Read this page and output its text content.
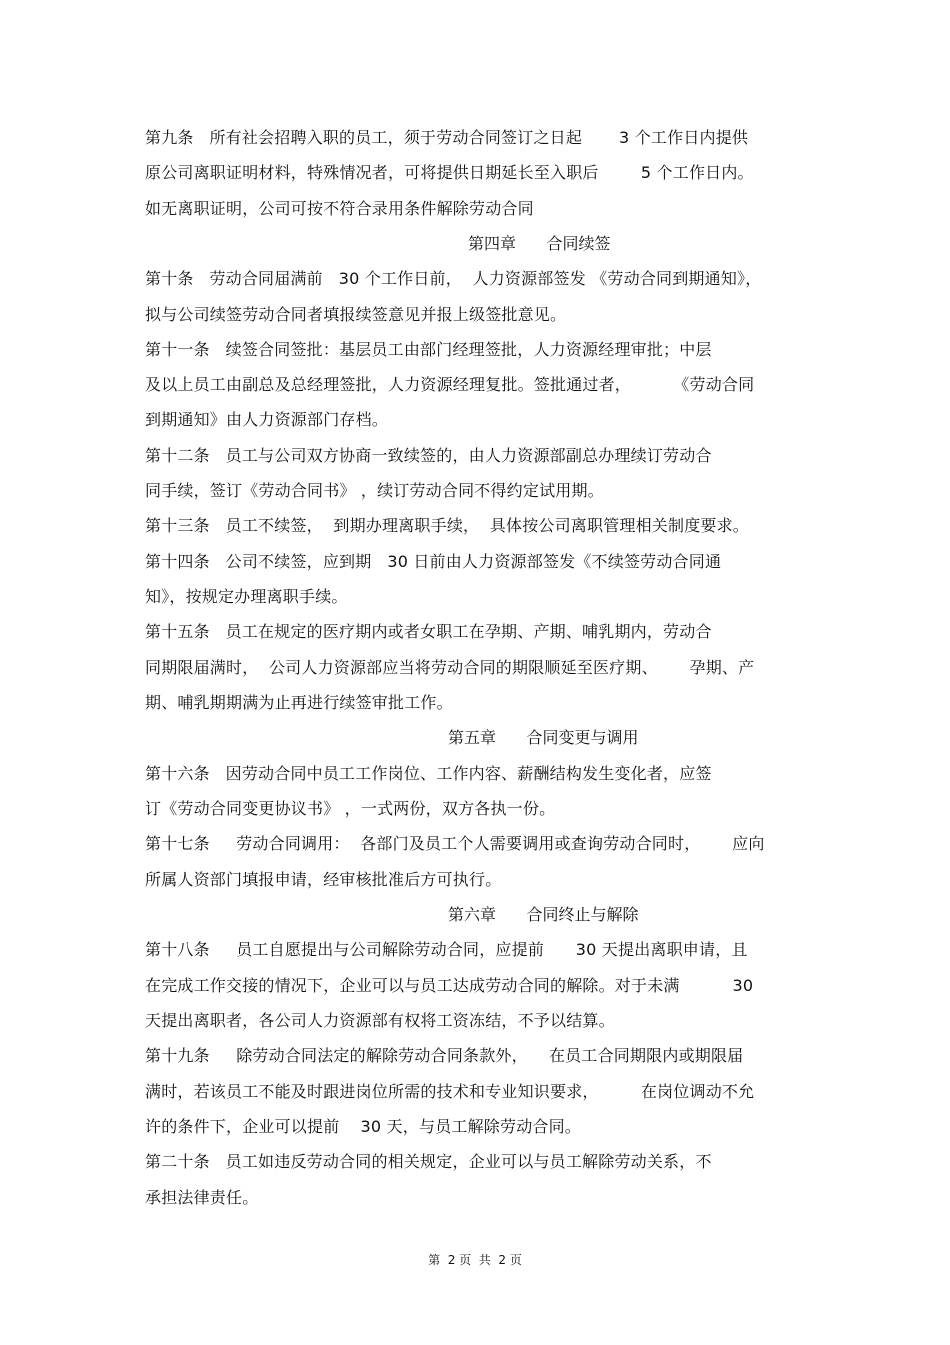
第九条   所有社会招聘入职的员工，须于劳动合同签订之日起       3 个工作日内提供
原公司离职证明材料，特殊情况者，可将提供日期延长至入职后        5 个工作日内。
如无离职证明，公司可按不符合录用条件解除劳动合同
第四章      合同续签
第十条   劳动合同届满前   30 个工作日前，  人力资源部签发 《劳动合同到期通知》，
拟与公司续签劳动合同者填报续签意见并报上级签批意见。
第十一条   续签合同签批：基层员工由部门经理签批，人力资源经理审批；中层
及以上员工由副总及总经理签批，人力资源经理复批。签批通过者，        《劳动合同
到期通知》由人力资源部门存档。
第十二条   员工与公司双方协商一致续签的，由人力资源部副总办理续订劳动合
同手续，签订《劳动合同书》 ，续订劳动合同不得约定试用期。
第十三条   员工不续签，  到期办理离职手续，  具体按公司离职管理相关制度要求。
第十四条   公司不续签，应到期   30 日前由人力资源部签发《不续签劳动合同通
知》，按规定办理离职手续。
第十五条   员工在规定的医疗期内或者女职工在孕期、产期、哺乳期内，劳动合
同期限届满时，  公司人力资源部应当将劳动合同的期限顺延至医疗期、      孕期、产
期、哺乳期期满为止再进行续签审批工作。
第五章      合同变更与调用
第十六条   因劳动合同中员工工作岗位、工作内容、薪酬结构发生变化者，应签
订《劳动合同变更协议书》 ，一式两份，双方各执一份。
第十七条     劳动合同调用：  各部门及员工个人需要调用或查询劳动合同时，      应向
所属人资部门填报申请，经审核批准后方可执行。
第六章      合同终止与解除
第十八条     员工自愿提出与公司解除劳动合同，应提前      30 天提出离职申请，且
在完成工作交接的情况下，企业可以与员工达成劳动合同的解除。对于未满          30
天提出离职者，各公司人力资源部有权将工资冻结，不予以结算。
第十九条     除劳动合同法定的解除劳动合同条款外，    在员工合同期限内或期限届
满时，若该员工不能及时跟进岗位所需的技术和专业知识要求，        在岗位调动不允
许的条件下，企业可以提前    30 天，与员工解除劳动合同。
第二十条   员工如违反劳动合同的相关规定，企业可以与员工解除劳动关系，不
承担法律责任。
第  2 页  共  2 页
